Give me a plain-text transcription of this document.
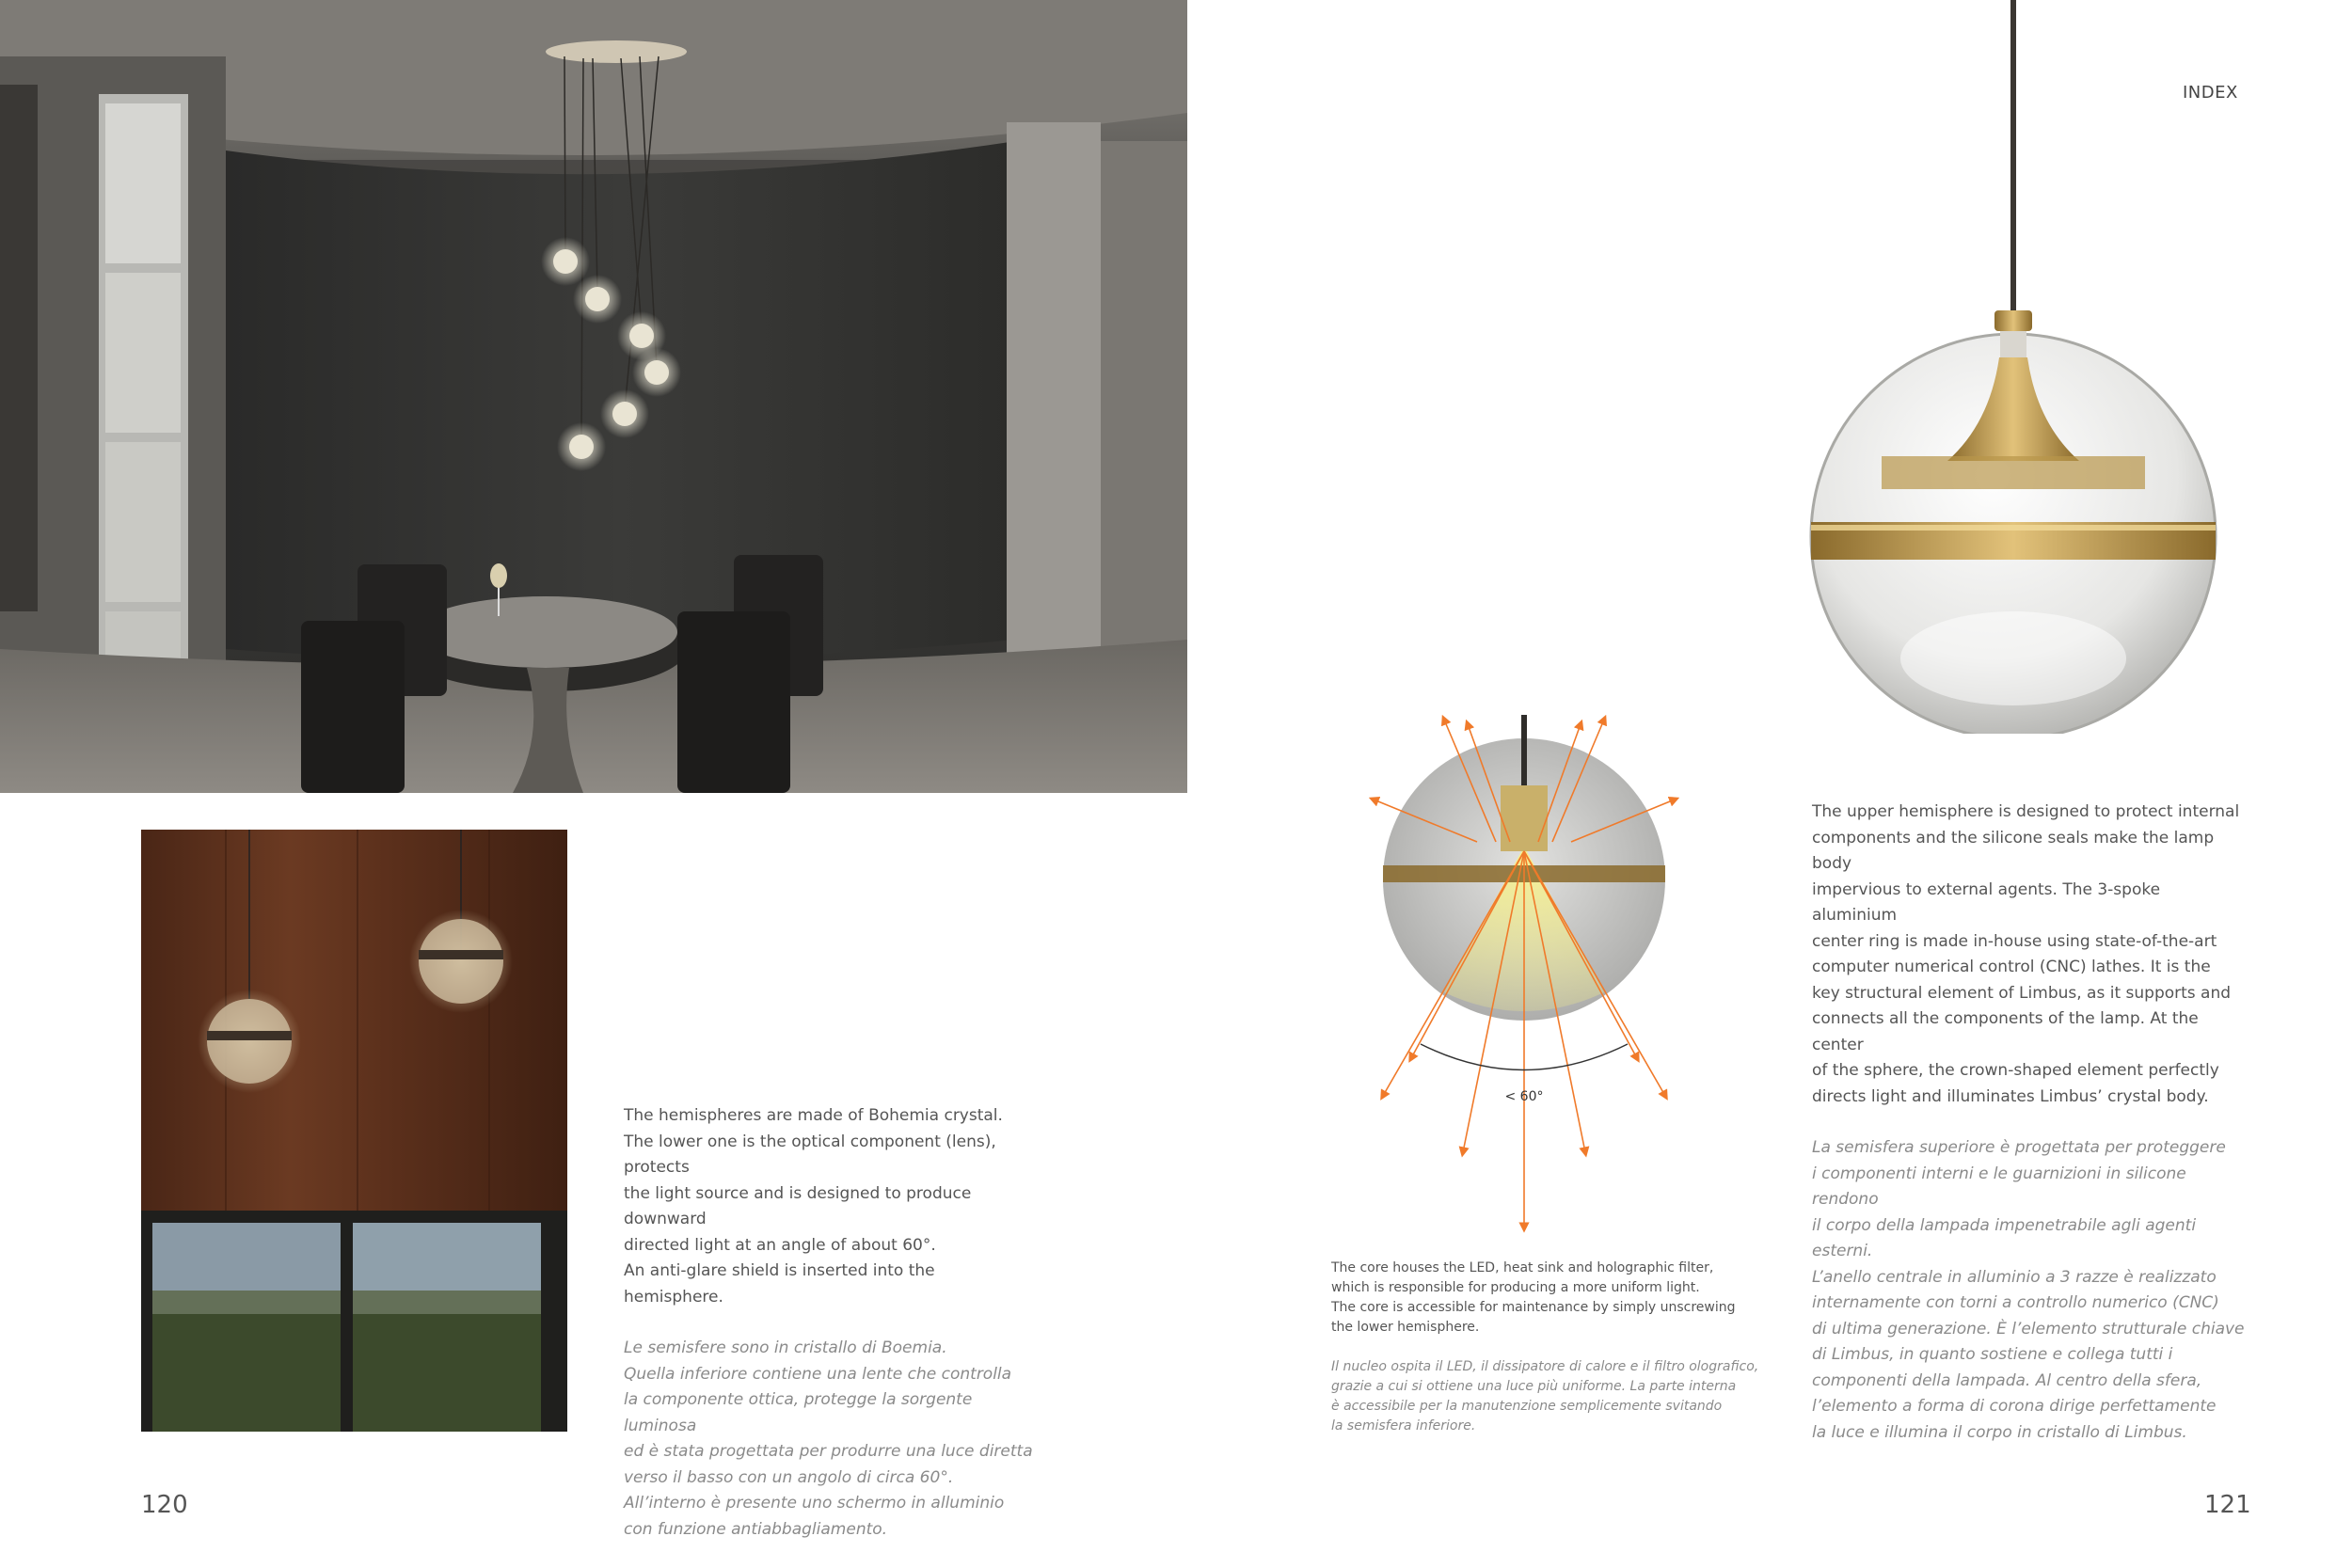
< 60°

The hemispheres are made of Bohemia crystal.

The lower one is the optical component (lens), protects

the light source and is designed to produce downward

directed light at an angle of about 60°.

An anti-glare shield is inserted into the hemisphere.

Le semisfere sono in cristallo di Boemia.

Quella inferiore contiene una lente che controlla

la componente ottica, protegge la sorgente luminosa

ed è stata progettata per produrre una luce diretta

verso il basso con un angolo di circa 60°.

All’interno è presente uno schermo in alluminio

con funzione antiabbagliamento.

The core houses the LED, heat sink and holographic filter,

which is responsible for producing a more uniform light.

The core is accessible for maintenance by simply unscrewing

the lower hemisphere.

Il nucleo ospita il LED, il dissipatore di calore e il filtro olografico,

grazie a cui si ottiene una luce più uniforme. La parte interna

è accessibile per la manutenzione semplicemente svitando

la semisfera inferiore.

The upper hemisphere is designed to protect internal

components and the silicone seals make the lamp body

impervious to external agents. The 3-spoke aluminium

center ring is made in-house using state-of-the-art

computer numerical control (CNC) lathes. It is the

key structural element of Limbus, as it supports and

connects all the components of the lamp. At the center

of the sphere, the crown-shaped element perfectly

directs light and illuminates Limbus’ crystal body.

La semisfera superiore è progettata per proteggere

i componenti interni e le guarnizioni in silicone rendono

il corpo della lampada impenetrabile agli agenti esterni.

L’anello centrale in alluminio a 3 razze è realizzato

internamente con torni a controllo numerico (CNC)

di ultima generazione. È l’elemento strutturale chiave

di Limbus, in quanto sostiene e collega tutti i

componenti della lampada. Al centro della sfera,

l’elemento a forma di corona dirige perfettamente

la luce e illumina il corpo in cristallo di Limbus.

INDEX
120	121
